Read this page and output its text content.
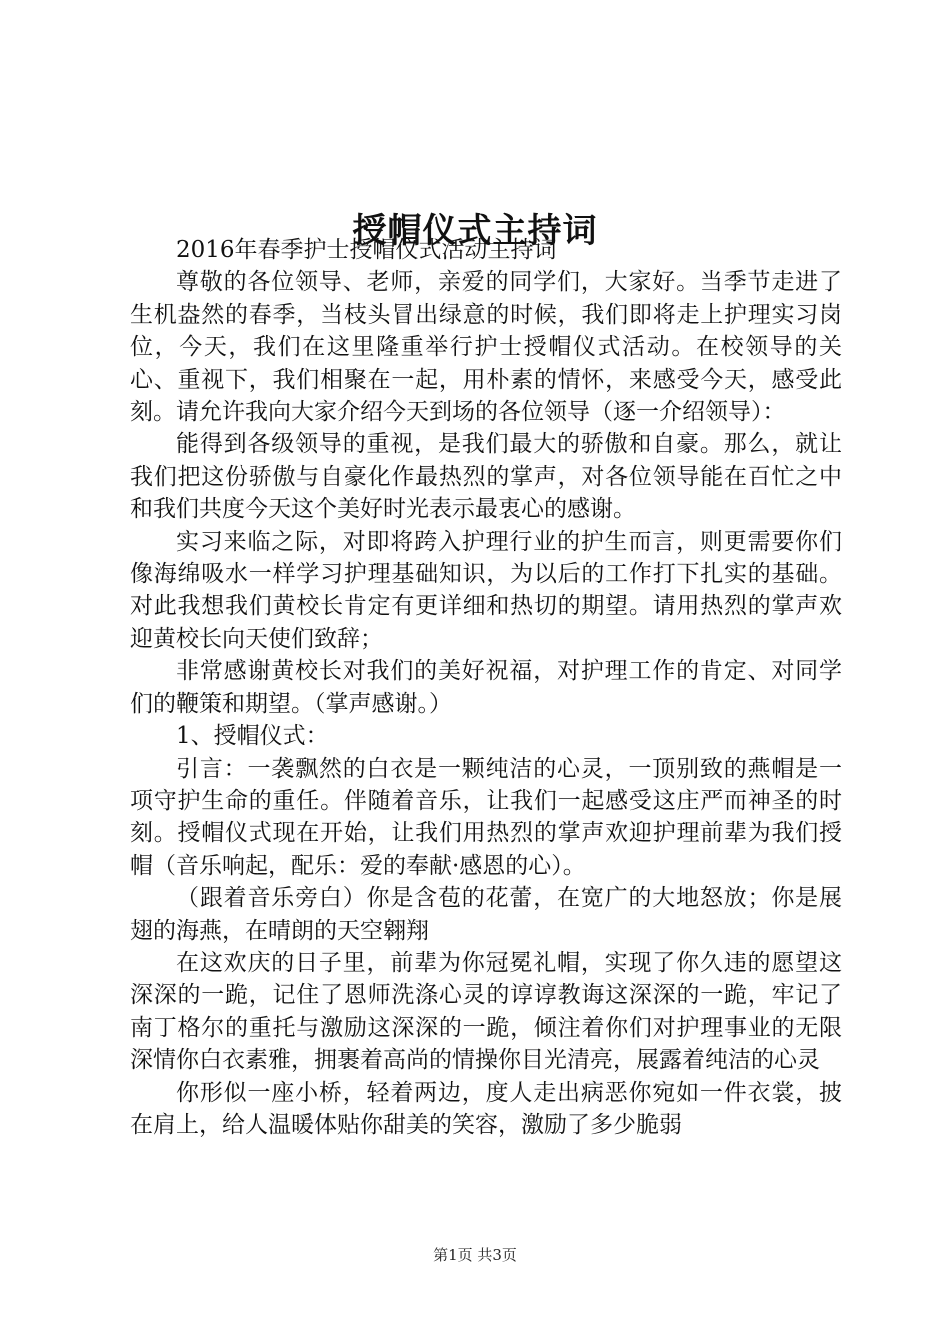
授帽仪式主持词

2016年春季护士授帽仪式活动主持词

尊敬的各位领导、老师，亲爱的同学们，大家好。当季节走进了生机盎然的春季，当枝头冒出绿意的时候，我们即将走上护理实习岗位，今天，我们在这里隆重举行护士授帽仪式活动。在校领导的关心、重视下，我们相聚在一起，用朴素的情怀，来感受今天，感受此刻。请允许我向大家介绍今天到场的各位领导（逐一介绍领导）：

能得到各级领导的重视，是我们最大的骄傲和自豪。那么，就让我们把这份骄傲与自豪化作最热烈的掌声，对各位领导能在百忙之中和我们共度今天这个美好时光表示最衷心的感谢。

实习来临之际，对即将跨入护理行业的护生而言，则更需要你们像海绵吸水一样学习护理基础知识，为以后的工作打下扎实的基础。对此我想我们黄校长肯定有更详细和热切的期望。请用热烈的掌声欢迎黄校长向天使们致辞；

非常感谢黄校长对我们的美好祝福，对护理工作的肯定、对同学们的鞭策和期望。（掌声感谢。）

1、授帽仪式：

引言：一袭飘然的白衣是一颗纯洁的心灵，一顶别致的燕帽是一项守护生命的重任。伴随着音乐，让我们一起感受这庄严而神圣的时刻。授帽仪式现在开始，让我们用热烈的掌声欢迎护理前辈为我们授帽（音乐响起，配乐：爱的奉献·感恩的心）。

（跟着音乐旁白）你是含苞的花蕾，在宽广的大地怒放；你是展翅的海燕，在晴朗的天空翱翔

在这欢庆的日子里，前辈为你冠冕礼帽，实现了你久违的愿望这深深的一跪，记住了恩师洗涤心灵的谆谆教诲这深深的一跪，牢记了南丁格尔的重托与激励这深深的一跪，倾注着你们对护理事业的无限深情你白衣素雅，拥裹着高尚的情操你目光清亮，展露着纯洁的心灵

你形似一座小桥，轻着两边，度人走出病恶你宛如一件衣裳，披在肩上，给人温暖体贴你甜美的笑容，激励了多少脆弱

第1页 共3页
